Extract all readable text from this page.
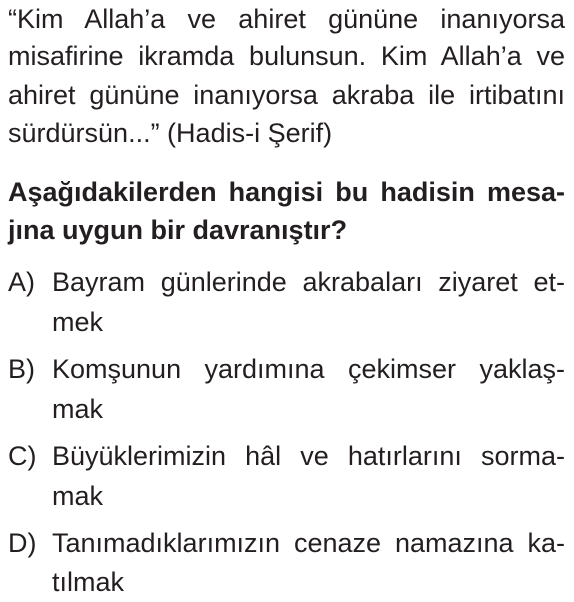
“Kim Allah’a ve ahiret gününe inanıyorsa
misafirine ikramda bulunsun. Kim Allah’a ve
ahiret gününe inanıyorsa akraba ile irtibatını
sürdürsün...” (Hadis-i Şerif)
Aşağıdakilerden hangisi bu hadisin mesa-
jına uygun bir davranıştır?
A) Bayram günlerinde akrabaları ziyaret et-
mek
B) Komşunun yardımına çekimser yaklaş-
mak
C) Büyüklerimizin hâl ve hatırlarını sorma-
mak
D) Tanımadıklarımızın cenaze namazına ka-
tılmak
